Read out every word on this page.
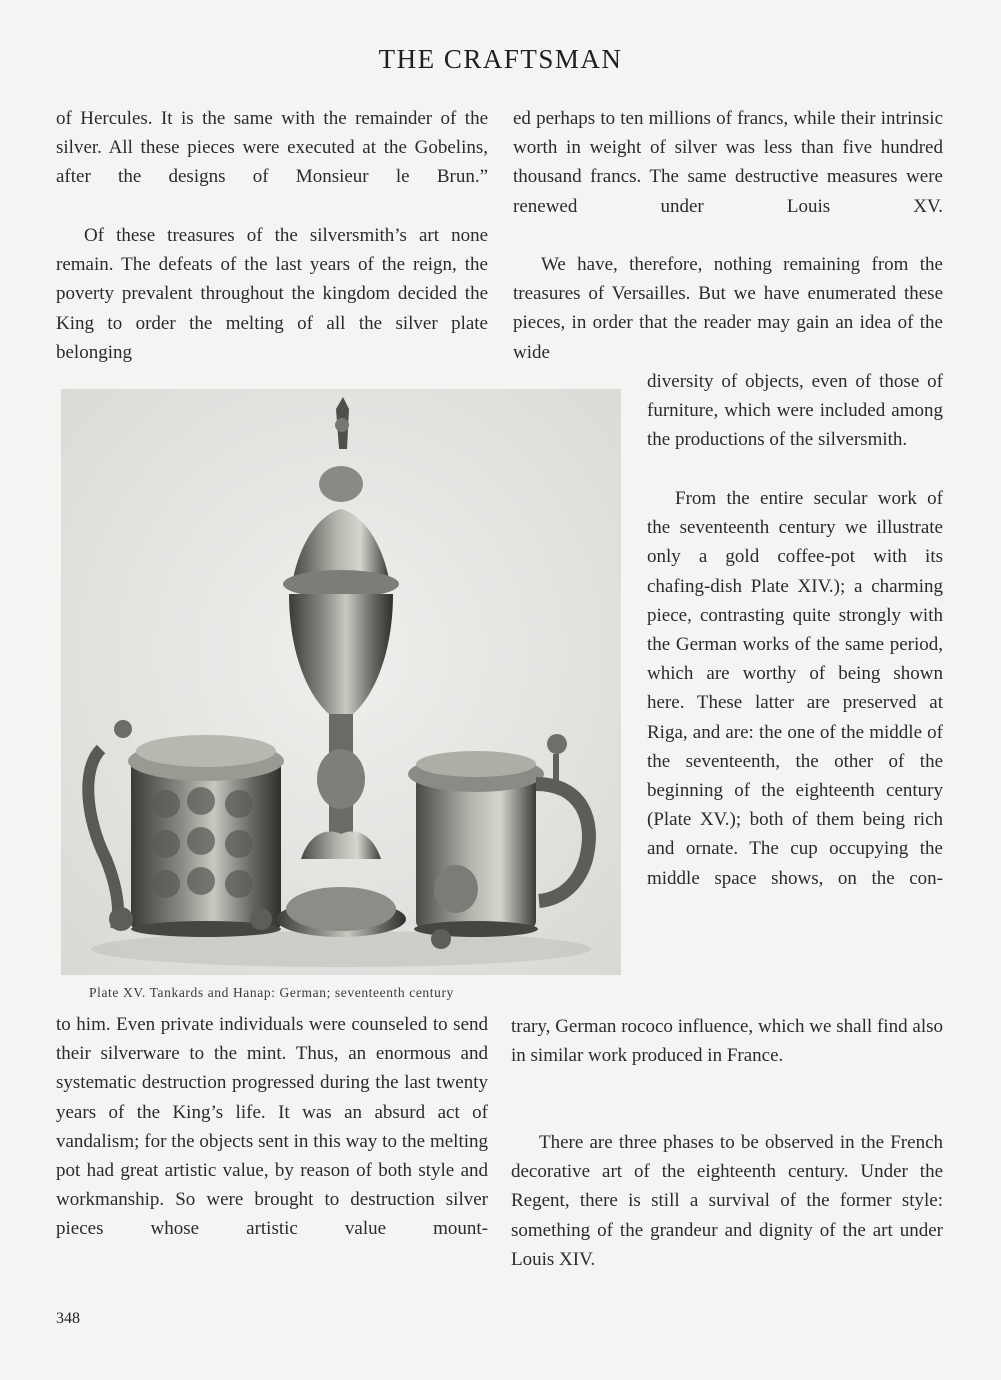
THE CRAFTSMAN

of Hercules. It is the same with the remainder of the silver. All these pieces were executed at the Gobelins, after the designs of Monsieur le Brun.”

Of these treasures of the silversmith’s art none remain. The defeats of the last years of the reign, the poverty prevalent throughout the kingdom decided the King to order the melting of all the silver plate belonging

ed perhaps to ten millions of francs, while their intrinsic worth in weight of silver was less than five hundred thousand francs. The same destructive measures were renewed under Louis XV.

We have, therefore, nothing remaining from the treasures of Versailles. But we have enumerated these pieces, in order that the reader may gain an idea of the wide

diversity of objects, even of those of furniture, which were included among the productions of the silversmith.

From the entire secular work of the seventeenth century we illustrate only a gold coffee-pot with its chafing-dish Plate XIV.); a charming piece, contrasting quite strongly with the German works of the same period, which are worthy of being shown here. These latter are preserved at Riga, and are: the one of the middle of the seventeenth, the other of the beginning of the eighteenth century (Plate XV.); both of them being rich and ornate. The cup occupying the middle space shows, on the con-

Plate XV. Tankards and Hanap: German; seventeenth century

to him. Even private individuals were counseled to send their silverware to the mint. Thus, an enormous and systematic destruction progressed during the last twenty years of the King’s life. It was an absurd act of vandalism; for the objects sent in this way to the melting pot had great artistic value, by reason of both style and workmanship. So were brought to destruction silver pieces whose artistic value mount-

trary, German rococo influence, which we shall find also in similar work produced in France.

There are three phases to be observed in the French decorative art of the eighteenth century. Under the Regent, there is still a survival of the former style: something of the grandeur and dignity of the art under Louis XIV.

348
